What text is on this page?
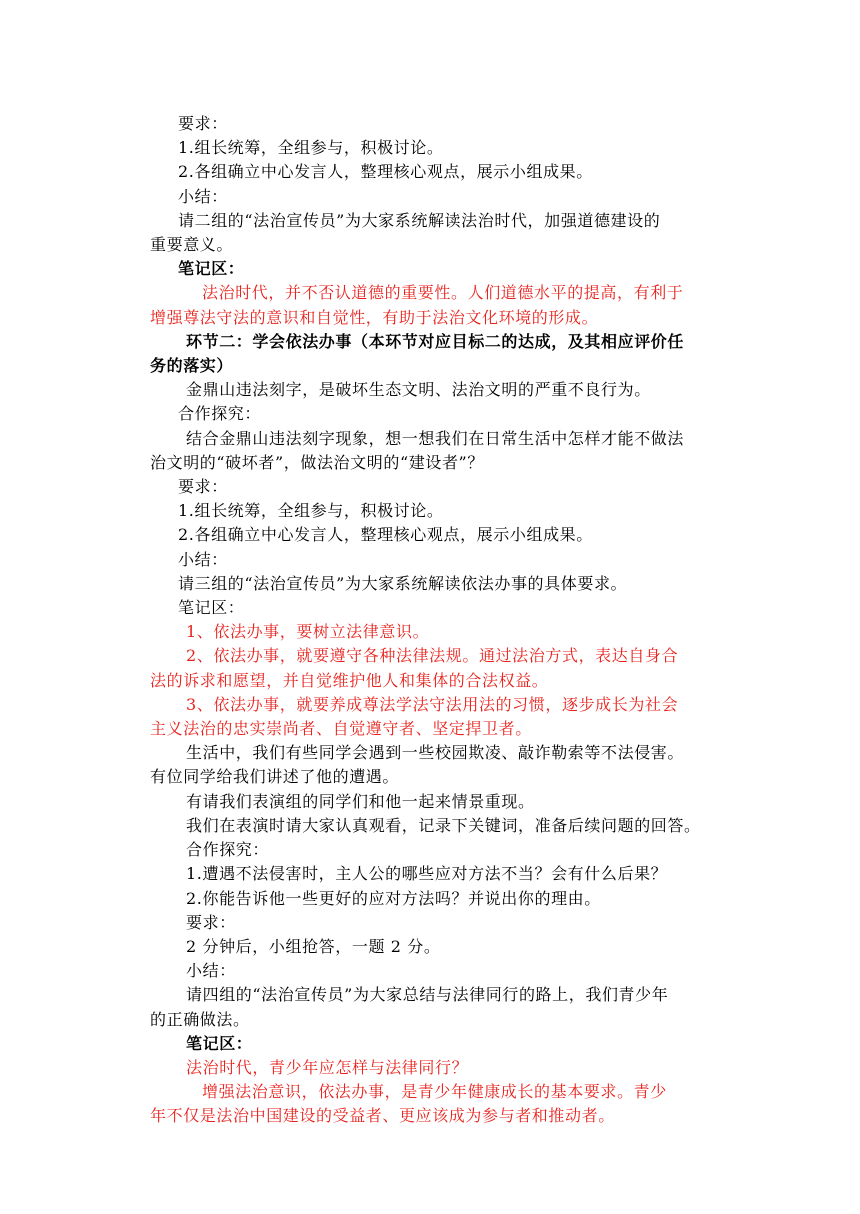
要求：
1.组长统筹，全组参与，积极讨论。
2.各组确立中心发言人，整理核心观点，展示小组成果。
小结：
请二组的“法治宣传员”为大家系统解读法治时代，加强道德建设的
重要意义。
笔记区：
法治时代，并不否认道德的重要性。人们道德水平的提高，有利于
增强尊法守法的意识和自觉性，有助于法治文化环境的形成。
环节二：学会依法办事（本环节对应目标二的达成，及其相应评价任
务的落实）
金鼎山违法刻字，是破坏生态文明、法治文明的严重不良行为。
合作探究：
结合金鼎山违法刻字现象，想一想我们在日常生活中怎样才能不做法
治文明的“破坏者”，做法治文明的“建设者”？
要求：
1.组长统筹，全组参与，积极讨论。
2.各组确立中心发言人，整理核心观点，展示小组成果。
小结：
请三组的“法治宣传员”为大家系统解读依法办事的具体要求。
笔记区：
1、依法办事，要树立法律意识。
2、依法办事，就要遵守各种法律法规。通过法治方式，表达自身合
法的诉求和愿望，并自觉维护他人和集体的合法权益。
3、依法办事，就要养成尊法学法守法用法的习惯，逐步成长为社会
主义法治的忠实崇尚者、自觉遵守者、坚定捍卫者。
生活中，我们有些同学会遇到一些校园欺凌、敲诈勒索等不法侵害。
有位同学给我们讲述了他的遭遇。
有请我们表演组的同学们和他一起来情景重现。
我们在表演时请大家认真观看，记录下关键词，准备后续问题的回答。
合作探究：
1.遭遇不法侵害时，主人公的哪些应对方法不当？会有什么后果？
2.你能告诉他一些更好的应对方法吗？并说出你的理由。
要求：
2 分钟后，小组抢答，一题 2 分。
小结：
请四组的“法治宣传员”为大家总结与法律同行的路上，我们青少年
的正确做法。
笔记区：
法治时代，青少年应怎样与法律同行？
增强法治意识，依法办事，是青少年健康成长的基本要求。青少
年不仅是法治中国建设的受益者、更应该成为参与者和推动者。
